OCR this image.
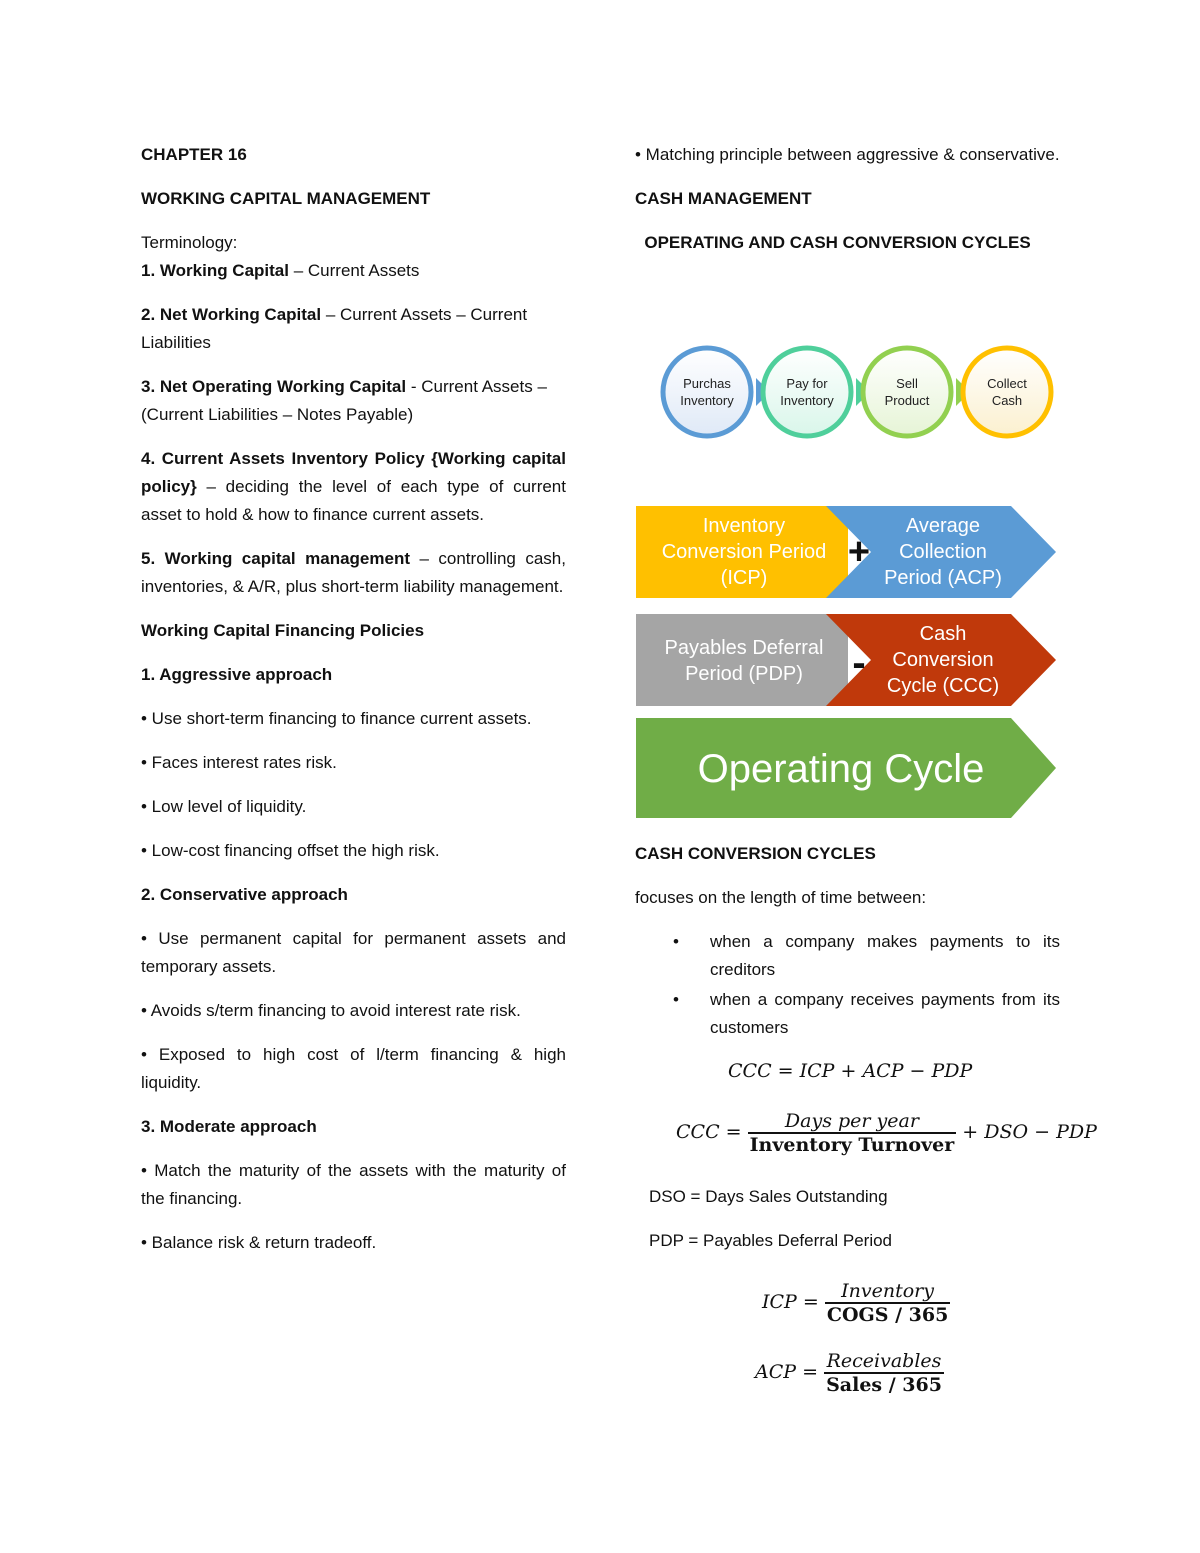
CHAPTER 16

WORKING CAPITAL MANAGEMENT

Terminology:

1. Working Capital – Current Assets

2. Net Working Capital – Current Assets – Current Liabilities

3. Net Operating Working Capital - Current Assets – (Current Liabilities – Notes Payable)

4. Current Assets Inventory Policy {Working capital policy} – deciding the level of each type of current asset to hold & how to finance current assets.

5. Working capital management – controlling cash, inventories, & A/R, plus short-term liability management.

Working Capital Financing Policies

1. Aggressive approach

• Use short-term financing to finance current assets.

• Faces interest rates risk.

• Low level of liquidity.

• Low-cost financing offset the high risk.

2. Conservative approach

• Use permanent capital for permanent assets and temporary assets.

• Avoids s/term financing to avoid interest rate risk.

• Exposed to high cost of l/term financing & high liquidity.

3. Moderate approach

• Match the maturity of the assets with the maturity of the financing.

• Balance risk & return tradeoff.

• Matching principle between aggressive & conservative.

CASH MANAGEMENT

OPERATING AND CASH CONVERSION CYCLES

Purchas
Inventory
Pay for
Inventory
Sell
Product
Collect
Cash
Inventory
Conversion Period
(ICP)
Average
Collection
Period (ACP)
+
Payables Deferral
Period (PDP)
Cash
Conversion
Cycle (CCC)
-
Operating Cycle

CASH CONVERSION CYCLES

focuses on the length of time between:

•	when a company makes payments to its creditors
•	when a company receives payments from its customers
CCC = ICP + ACP − PDP
CCC = $\frac{\text{Days per year}}{\text{Inventory Turnover}}$ + DSO − PDP

DSO = Days Sales Outstanding

PDP = Payables Deferral Period

ICP = $\frac{\text{Inventory}}{\text{COGS / 365}}$
ACP = $\frac{\text{Receivables}}{\text{Sales / 365}}$
